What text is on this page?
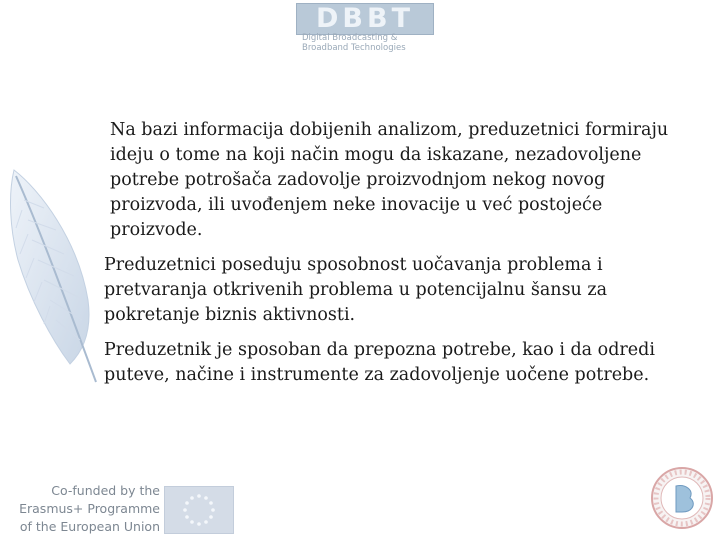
DBBT
Digital Broadcasting &
Broadband Technologies

Na bazi informacija dobijenih analizom, preduzetnici formiraju ideju o tome na koji način mogu da iskazane, nezadovoljene potrebe potrošača zadovolje proizvodnjom nekog novog proizvoda, ili uvođenjem neke inovacije u već postojeće proizvode.

Preduzetnici poseduju sposobnost uočavanja problema i pretvaranja otkrivenih problema u potencijalnu šansu za pokretanje biznis aktivnosti.

Preduzetnik je sposoban da prepozna potrebe, kao i da odredi puteve, načine i instrumente za zadovoljenje uočene potrebe.

Co-funded by the
Erasmus+ Programme
of the European Union
